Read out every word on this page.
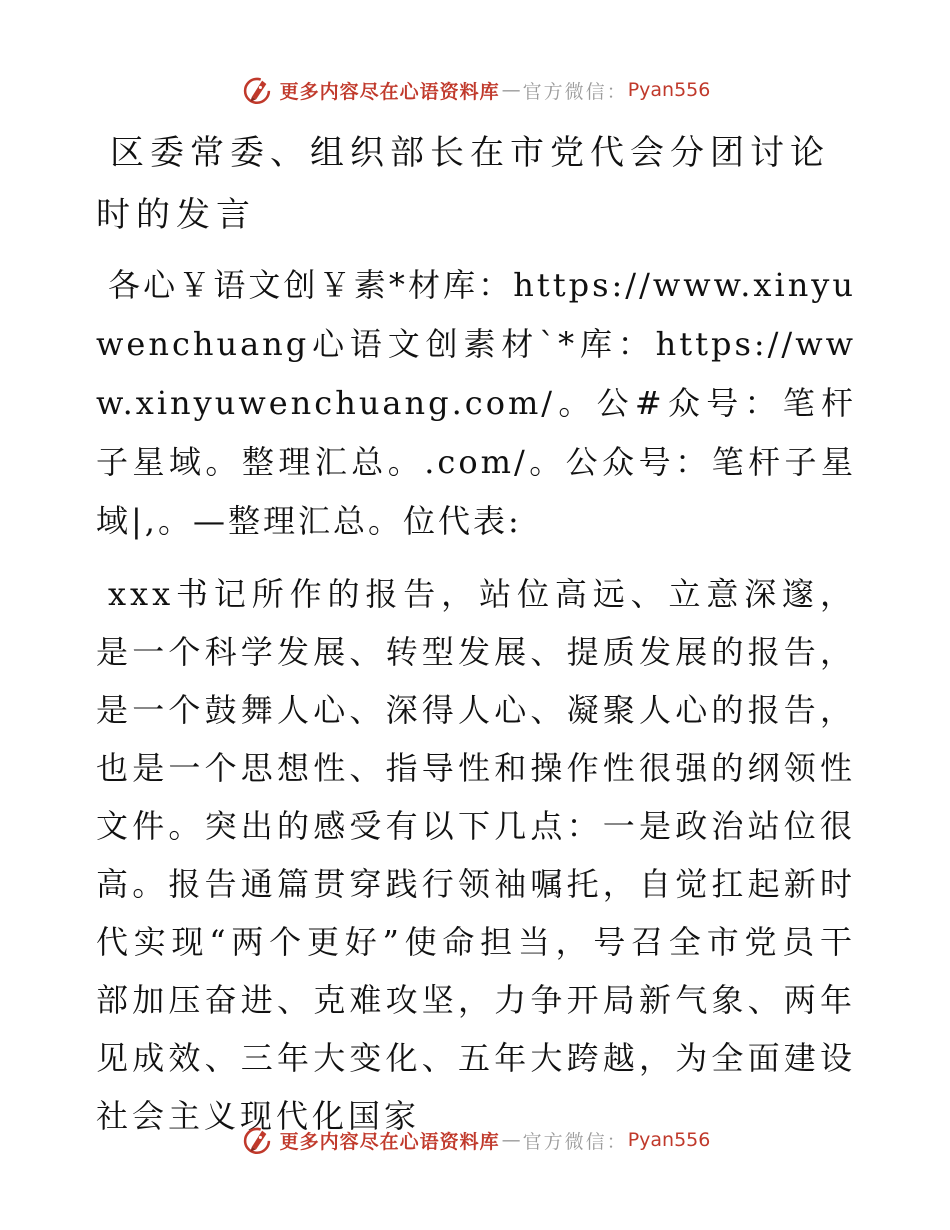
更多内容尽在心语资料库 — 官方微信： Pyan556
区委常委、组织部长在市党代会分团讨论时的发言

各心￥语文创￥素*材库：https://www.xinyuwenchuang心语文创素材`*库：https://www.xinyuwenchuang.com/。公#众号：笔杆子星域。整理汇总。.com/。公众号：笔杆子星域|,。—整理汇总。位代表:

xxx书记所作的报告，站位高远、立意深邃，是一个科学发展、转型发展、提质发展的报告，是一个鼓舞人心、深得人心、凝聚人心的报告，也是一个思想性、指导性和操作性很强的纲领性文件。突出的感受有以下几点：一是政治站位很高。报告通篇贯穿践行领袖嘱托，自觉扛起新时代实现“两个更好”使命担当，号召全市党员干部加压奋进、克难攻坚，力争开局新气象、两年见成效、三年大变化、五年大跨越，为全面建设社会主义现代化国家

更多内容尽在心语资料库 — 官方微信： Pyan556
